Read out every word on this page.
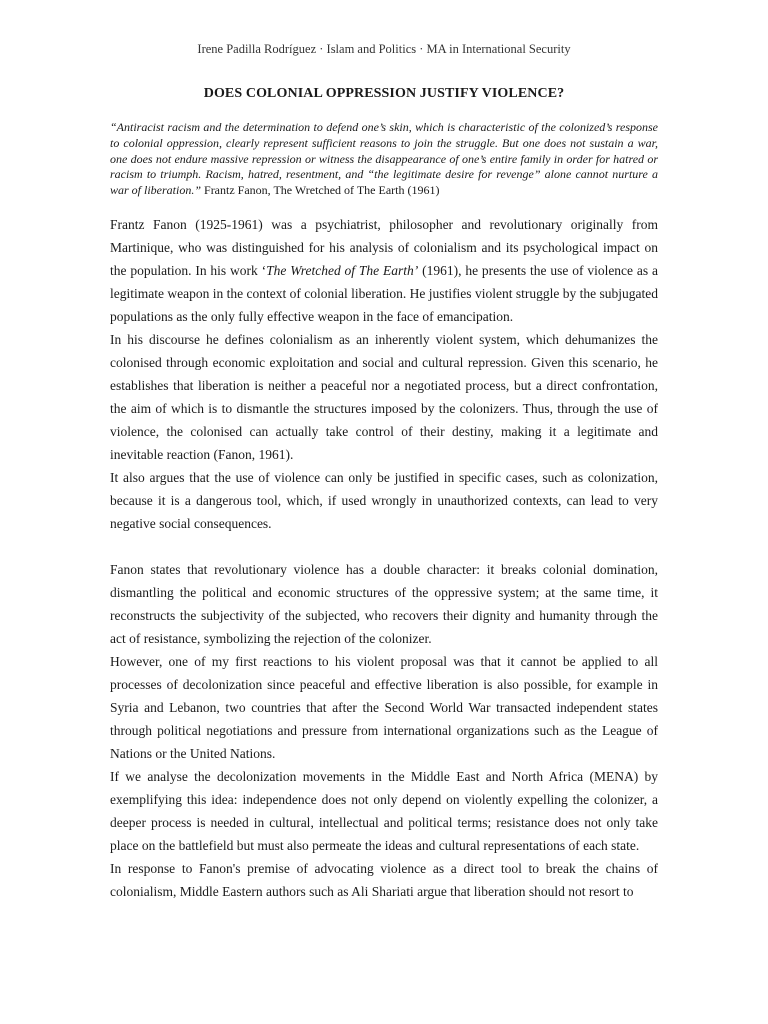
Irene Padilla Rodríguez · Islam and Politics · MA in International Security
DOES COLONIAL OPPRESSION JUSTIFY VIOLENCE?
“Antiracist racism and the determination to defend one’s skin, which is characteristic of the colonized’s response to colonial oppression, clearly represent sufficient reasons to join the struggle. But one does not sustain a war, one does not endure massive repression or witness the disappearance of one’s entire family in order for hatred or racism to triumph. Racism, hatred, resentment, and “the legitimate desire for revenge” alone cannot nurture a war of liberation.” Frantz Fanon, The Wretched of The Earth (1961)

Frantz Fanon (1925-1961) was a psychiatrist, philosopher and revolutionary originally from Martinique, who was distinguished for his analysis of colonialism and its psychological impact on the population. In his work ‘The Wretched of The Earth’ (1961), he presents the use of violence as a legitimate weapon in the context of colonial liberation. He justifies violent struggle by the subjugated populations as the only fully effective weapon in the face of emancipation.

In his discourse he defines colonialism as an inherently violent system, which dehumanizes the colonised through economic exploitation and social and cultural repression. Given this scenario, he establishes that liberation is neither a peaceful nor a negotiated process, but a direct confrontation, the aim of which is to dismantle the structures imposed by the colonizers. Thus, through the use of violence, the colonised can actually take control of their destiny, making it a legitimate and inevitable reaction (Fanon, 1961).

It also argues that the use of violence can only be justified in specific cases, such as colonization, because it is a dangerous tool, which, if used wrongly in unauthorized contexts, can lead to very negative social consequences.

Fanon states that revolutionary violence has a double character: it breaks colonial domination, dismantling the political and economic structures of the oppressive system; at the same time, it reconstructs the subjectivity of the subjected, who recovers their dignity and humanity through the act of resistance, symbolizing the rejection of the colonizer.

However, one of my first reactions to his violent proposal was that it cannot be applied to all processes of decolonization since peaceful and effective liberation is also possible, for example in Syria and Lebanon, two countries that after the Second World War transacted independent states through political negotiations and pressure from international organizations such as the League of Nations or the United Nations.

If we analyse the decolonization movements in the Middle East and North Africa (MENA) by exemplifying this idea: independence does not only depend on violently expelling the colonizer, a deeper process is needed in cultural, intellectual and political terms; resistance does not only take place on the battlefield but must also permeate the ideas and cultural representations of each state.

In response to Fanon's premise of advocating violence as a direct tool to break the chains of colonialism, Middle Eastern authors such as Ali Shariati argue that liberation should not resort to
